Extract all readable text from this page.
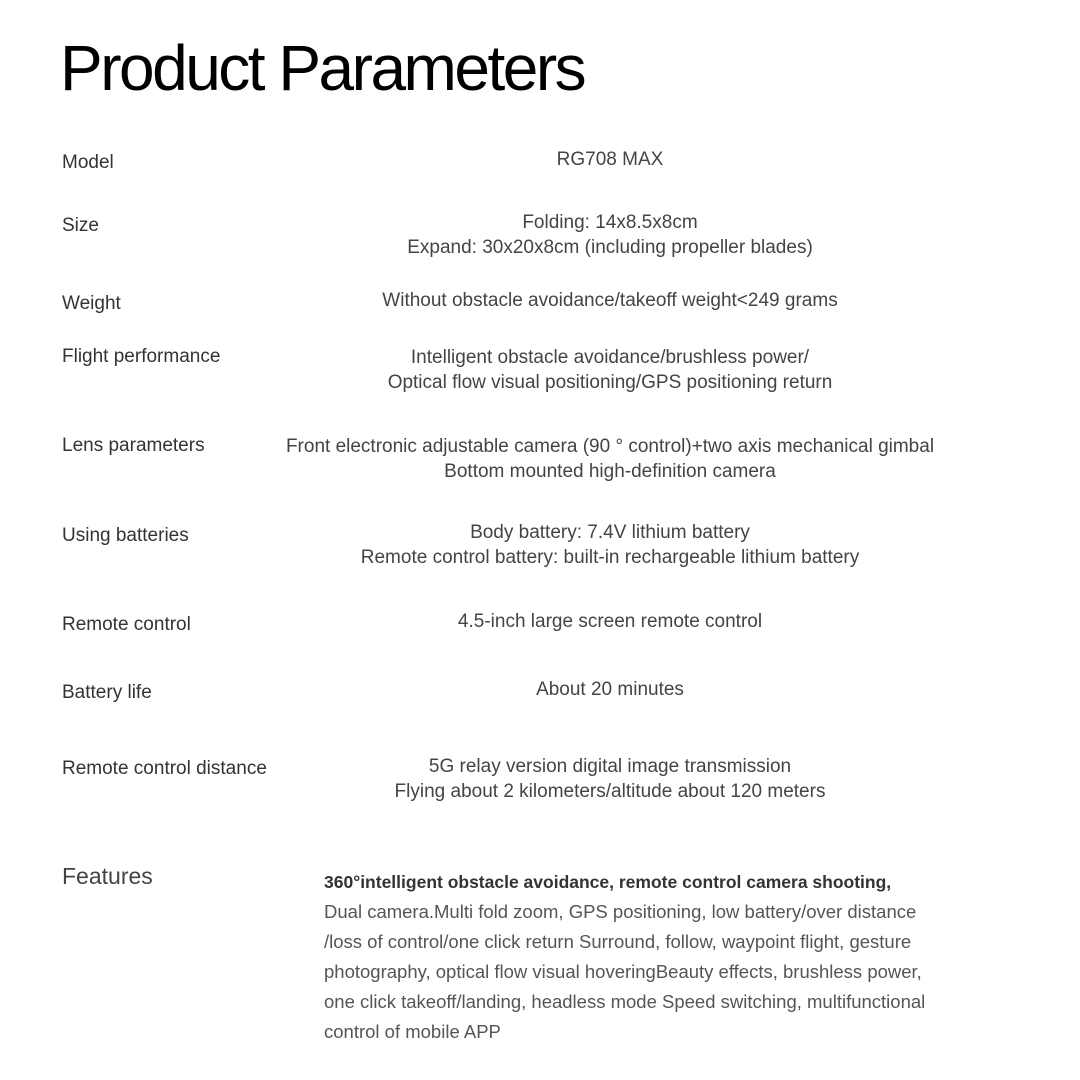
Product Parameters
Model	RG708 MAX
Size	Folding: 14x8.5x8cm
Expand: 30x20x8cm (including propeller blades)
Weight	Without obstacle avoidance/takeoff weight<249 grams
Flight performance	Intelligent obstacle avoidance/brushless power/
Optical flow visual positioning/GPS positioning return
Lens parameters	Front electronic adjustable camera (90 ° control)+two axis mechanical gimbal
Bottom mounted high-definition camera
Using batteries	Body battery: 7.4V lithium battery
Remote control battery: built-in rechargeable lithium battery
Remote control	4.5-inch large screen remote control
Battery life	About 20 minutes
Remote control distance	5G relay version digital image transmission
Flying about 2 kilometers/altitude about 120 meters
Features	360°intelligent obstacle avoidance, remote control camera shooting,
Dual camera.Multi fold zoom, GPS positioning, low battery/over distance
/loss of control/one click return Surround, follow, waypoint flight, gesture
photography, optical flow visual hoveringBeauty effects, brushless power,
one click takeoff/landing, headless mode Speed switching, multifunctional
control of mobile APP
